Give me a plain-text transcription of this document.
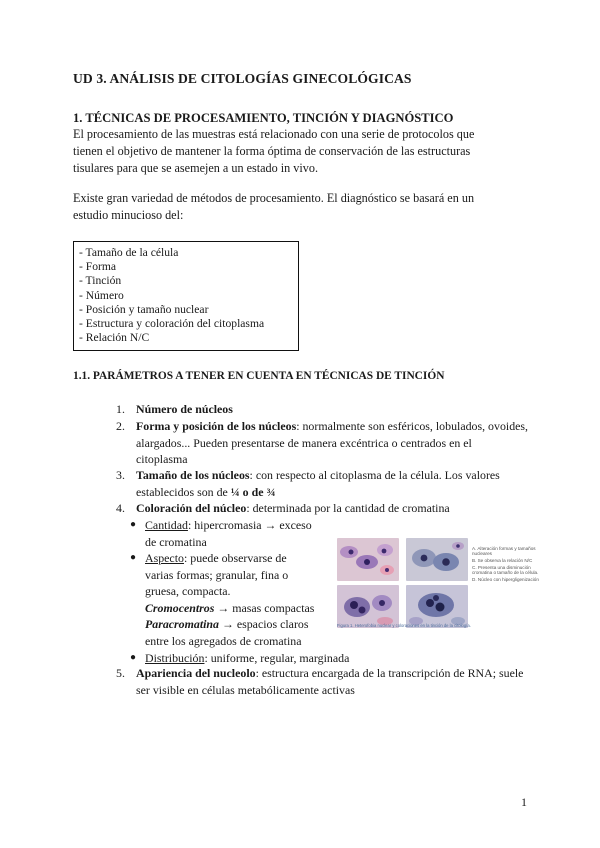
UD 3. ANÁLISIS DE CITOLOGÍAS GINECOLÓGICAS
1. TÉCNICAS DE PROCESAMIENTO, TINCIÓN Y DIAGNÓSTICO

El procesamiento de las muestras está relacionado con una serie de protocolos que
tienen el objetivo de mantener la forma óptima de conservación de las estructuras
tisulares para que se asemejen a un estado in vivo.

Existe gran variedad de métodos de procesamiento. El diagnóstico se basará en un
estudio minucioso del:

- Tamaño de la célula
- Forma
- Tinción
- Número
- Posición y tamaño nuclear
- Estructura y coloración del citoplasma
- Relación N/C
1.1. PARÁMETROS A TENER EN CUENTA EN TÉCNICAS DE TINCIÓN
1. Número de núcleos
2. Forma y posición de los núcleos: normalmente son esféricos, lobulados, ovoides,
alargados... Pueden presentarse de manera excéntrica o centrados en el
citoplasma
3. Tamaño de los núcleos: con respecto al citoplasma de la célula. Los valores
establecidos son de ¼ o de ¾
4. Coloración del núcleo: determinada por la cantidad de cromatina
● Cantidad: hipercromasia → exceso
de cromatina
● Aspecto: puede observarse de
varias formas; granular, fina o
gruesa, compacta.
Cromocentros → masas compactas
Paracromatina → espacios claros
entre los agregados de cromatina
● Distribución: uniforme, regular, marginada
5. Apariencia del nucleolo: estructura encargada de la transcripción de RNA; suele
ser visible en células metabólicamente activas
Figura 1. Heterofobia nuclear y coloraciones en la tinción de la citología.
A. Alteración formas y tamaños nucleares
B. Se observa la relación N/C
C. Presenta una disminución cromatina o tamaño de la célula.
D. Núcleo con hipergligenización
1
